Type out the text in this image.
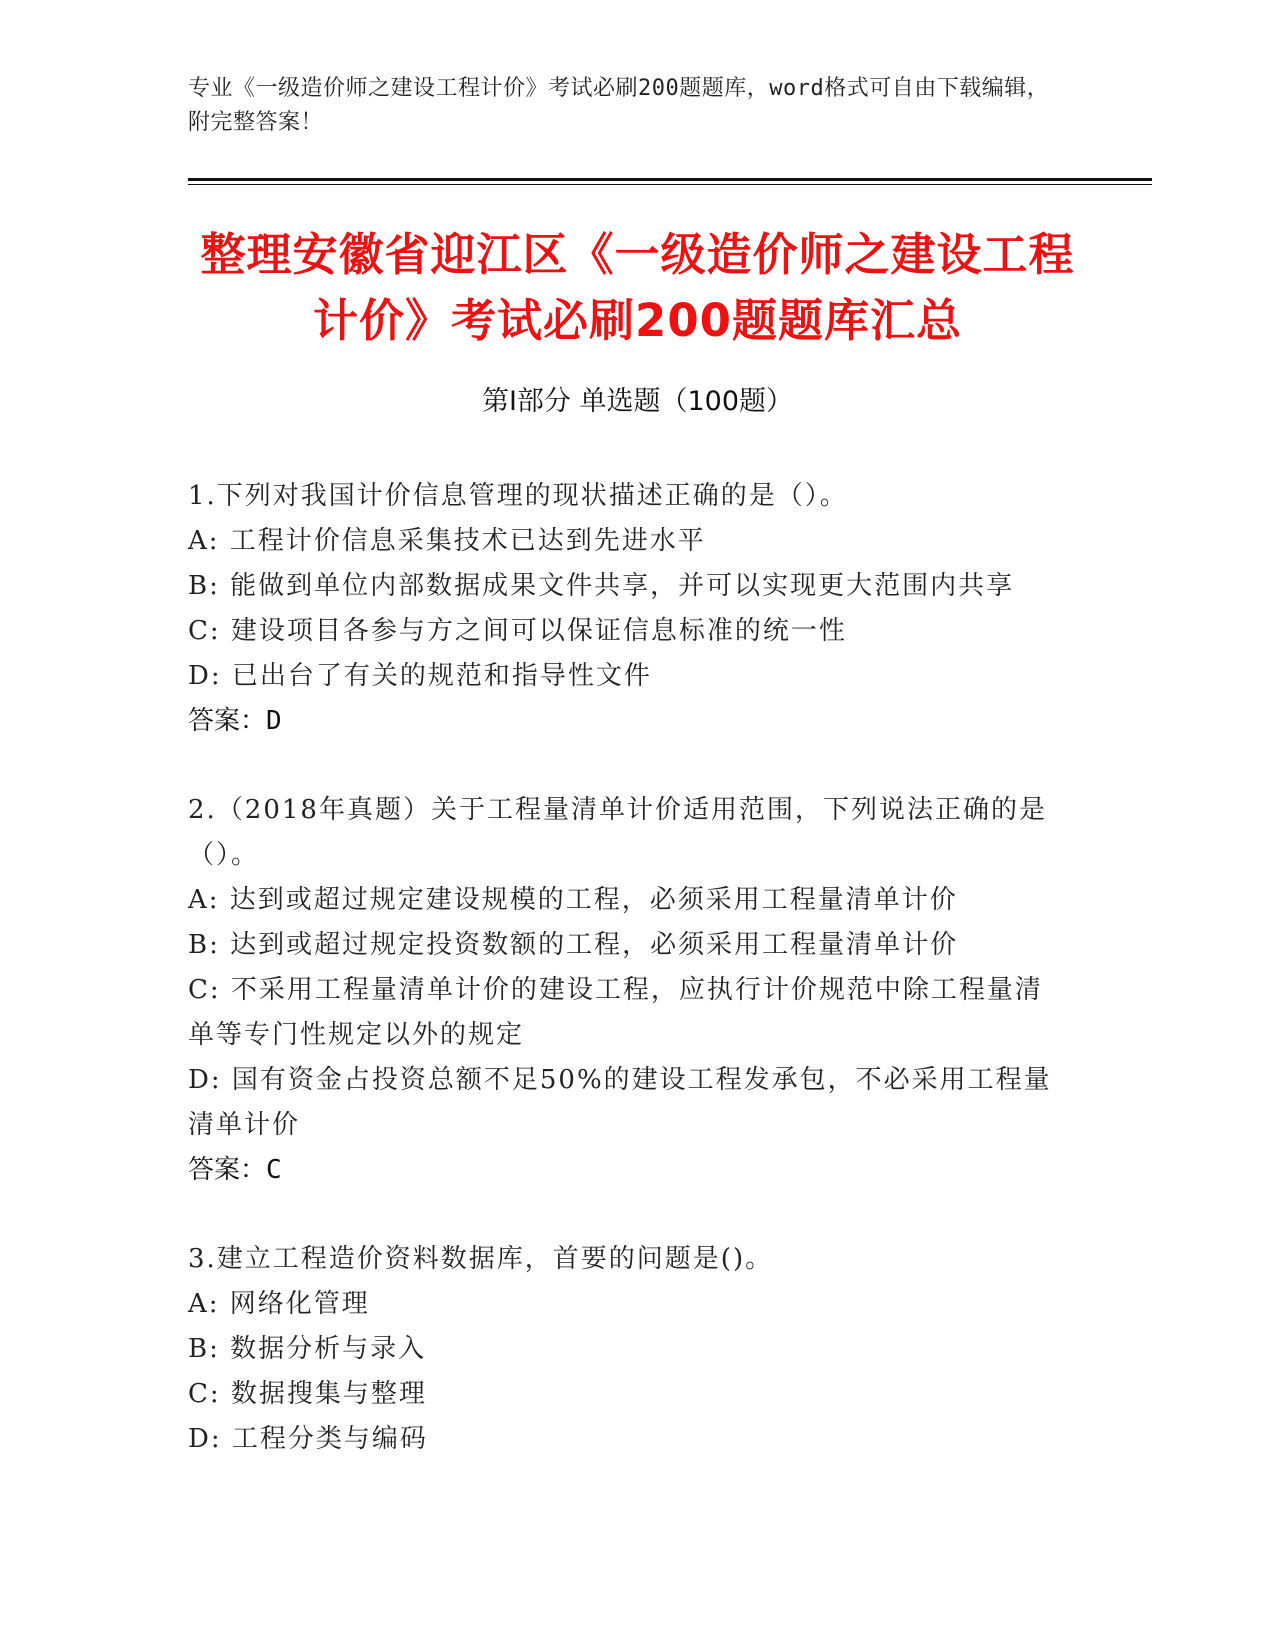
专业《一级造价师之建设工程计价》考试必刷200题题库，word格式可自由下载编辑，附完整答案！
整理安徽省迎江区《一级造价师之建设工程
计价》考试必刷200题题库汇总
第I部分 单选题（100题）
1.下列对我国计价信息管理的现状描述正确的是（）。
A: 工程计价信息采集技术已达到先进水平
B: 能做到单位内部数据成果文件共享，并可以实现更大范围内共享
C: 建设项目各参与方之间可以保证信息标准的统一性
D: 已出台了有关的规范和指导性文件
答案：D
2.（2018年真题）关于工程量清单计价适用范围，下列说法正确的是（）。
A: 达到或超过规定建设规模的工程，必须采用工程量清单计价
B: 达到或超过规定投资数额的工程，必须采用工程量清单计价
C: 不采用工程量清单计价的建设工程，应执行计价规范中除工程量清单等专门性规定以外的规定
D: 国有资金占投资总额不足50%的建设工程发承包，不必采用工程量清单计价
答案：C
3.建立工程造价资料数据库，首要的问题是()。
A: 网络化管理
B: 数据分析与录入
C: 数据搜集与整理
D: 工程分类与编码
